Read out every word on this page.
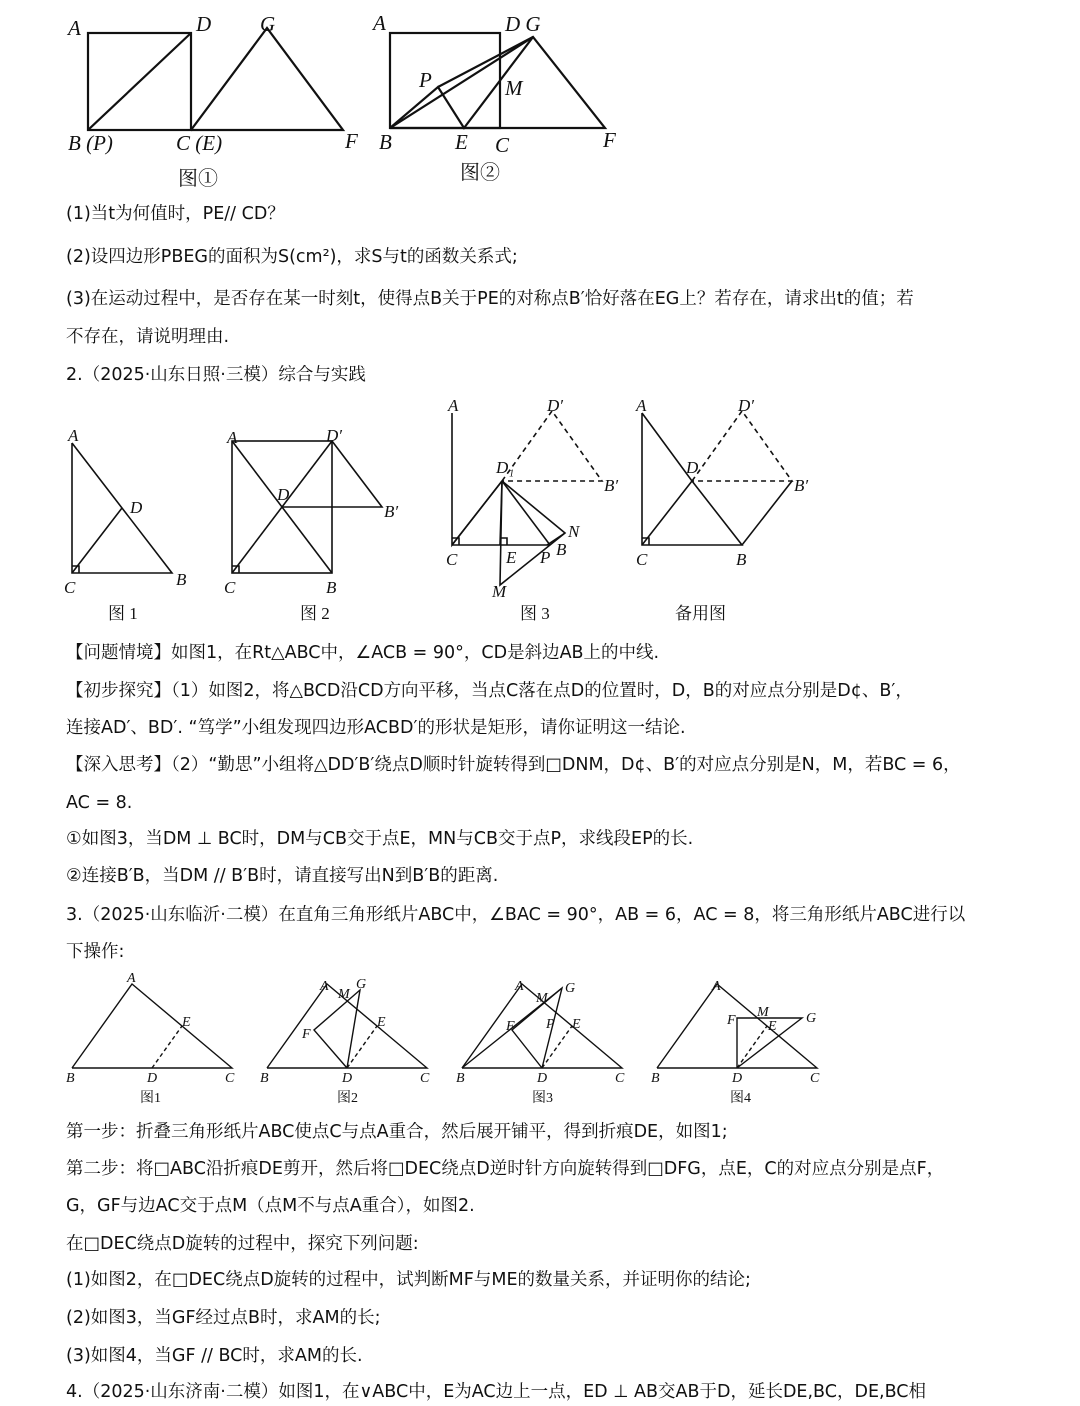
A	D G
B (P)	C (E)	F
图①
A	D G
P	M
B	E C	F
图②
(1)当t为何值时，PE// CD？
(2)设四边形PBEG的面积为S(cm²)，求S与t的函数关系式;
(3)在运动过程中，是否存在某一时刻t，使得点B关于PE的对称点B′恰好落在EG上？若存在，请求出t的值；若
不存在，请说明理由.
2.（2025·山东日照·三模）综合与实践
A
D
C	B
A	D′
D
B′
C	B
A	D′
D₁
B′
N
B
P
E
C
M
A	D′
D
B′
C	B
图 1	图 2	图 3	备用图
【问题情境】如图1，在Rt△ABC中，∠ACB = 90°，CD是斜边AB上的中线.
【初步探究】（1）如图2，将△BCD沿CD方向平移，当点C落在点D的位置时，D，B的对应点分别是D¢、B′，
连接AD′、BD′. “笃学”小组发现四边形ACBD′的形状是矩形，请你证明这一结论.
【深入思考】（2）“勤思”小组将△DD′B′绕点D顺时针旋转得到□DNM，D¢、B′的对应点分别是N，M，若BC = 6，
AC = 8.
①如图3，当DM ⊥ BC时，DM与CB交于点E，MN与CB交于点P，求线段EP的长.
②连接B′B，当DM // B′B时，请直接写出N到B′B的距离.
3.（2025·山东临沂·二模）在直角三角形纸片ABC中，∠BAC = 90°，AB = 6，AC = 8，将三角形纸片ABC进行以
下操作:
A
E
B	D	C
A
M
G
F
E
B	D	C
A
M
G
F P E
B	D	C
A
F
M
E
G
B	D	C
图1	图2	图3	图4
第一步：折叠三角形纸片ABC使点C与点A重合，然后展开铺平，得到折痕DE，如图1;
第二步：将□ABC沿折痕DE剪开，然后将□DEC绕点D逆时针方向旋转得到□DFG，点E，C的对应点分别是点F，
G，GF与边AC交于点M（点M不与点A重合），如图2.
在□DEC绕点D旋转的过程中，探究下列问题:
(1)如图2，在□DEC绕点D旋转的过程中，试判断MF与ME的数量关系，并证明你的结论;
(2)如图3，当GF经过点B时，求AM的长;
(3)如图4，当GF // BC时，求AM的长.
4.（2025·山东济南·二模）如图1，在∨ABC中，E为AC边上一点，ED ⊥ AB交AB于D，延长DE,BC，DE,BC相
